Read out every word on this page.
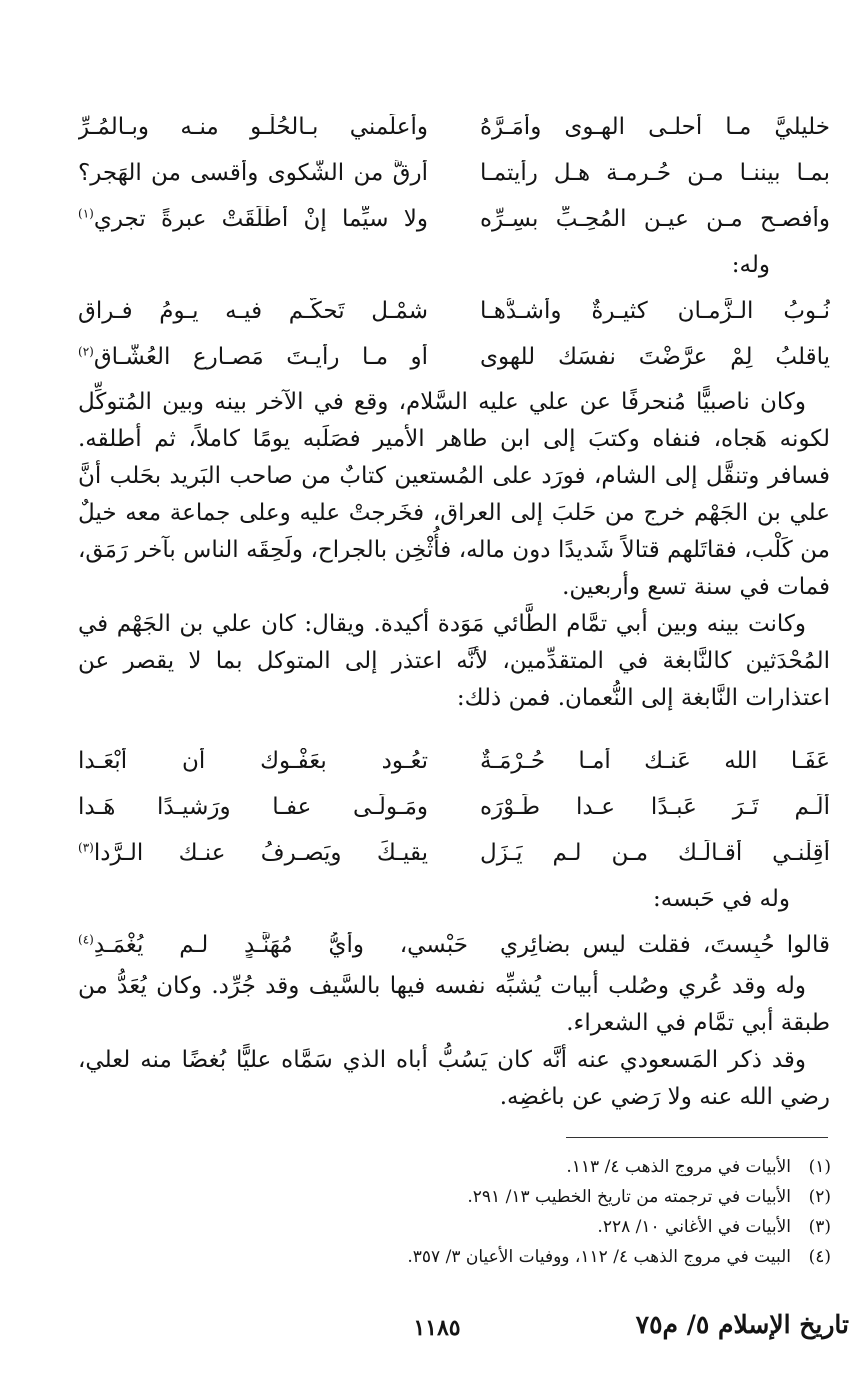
خليليَّ مـا أحلـى الهـوى وأمَـرَّهُ
وأعلَمني بـالحُلْـو منـه وبـالمُـرِّ
بمـا بيننـا مـن حُـرمـة هـل رأيتمـا
أرقَّ من الشَّكوى وأقسى من الهَجر؟
وأفصـح مـن عيـن المُحِـبِّ بسِـرِّه
ولا سيِّما إنْ أطْلَقَتْ عبرةً تجري$^{(١)}$
وله:
نُـوبُ الـزَّمـان كثيـرةٌ وأشـدُّهـا
شمْـل تَحكَّـم فيـه يـومُ فـراقِ
ياقلبُ لِمْ عرَّضْتَ نفسَك للهوى
أو مـا رأيـتَ مَصـارع العُشّـاقِ$^{(٢)}$

وكان ناصبيًّا مُنحرفًا عن علي عليه السَّلام، وقع في الآخر بينه وبين المُتوكِّل لكونه هَجاه، فنفاه وكتبَ إلى ابن طاهر الأمير فصَلَبه يومًا كاملاً، ثم أطلقه. فسافر وتنقَّل إلى الشام، فورَد على المُستعين كتابٌ من صاحب البَريد بحَلب أنَّ علي بن الجَهْم خرج من حَلبَ إلى العراق، فخَرجتْ عليه وعلى جماعة معه خيلٌ من كَلْب، فقاتَلهم قتالاً شَديدًا دون ماله، فأُثْخِن بالجراح، ولَحِقَه الناس بآخر رَمَق، فمات في سنة تسع وأربعين.

وكانت بينه وبين أبي تمَّام الطَّائي مَوَدة أكيدة. ويقال: كان علي بن الجَهْم في المُحْدَثين كالنَّابغة في المتقدِّمين، لأنَّه اعتذر إلى المتوكل بما لا يقصر عن اعتذارات النَّابغة إلى النُّعمان. فمن ذلك:

عَفَـا الله عَنـك أمـا حُـرْمَـةٌ
تعُـود بعَفْـوك أن أُبْعَـدا
ألَـم تَـرَ عَبـدًا عـدا طَـوْرَه
ومَـولَـى عفـا ورَشيـدًا هَـدا
أقِلْنـي أقـالَـك مـن لـم يَـزَل
يقيـكَ ويَصـرِفُ عنـك الـرَّدا$^{(٣)}$
وله في حَبسه:
قالوا حُبِستَ، فقلت ليس بضائِري
حَبْسي، وأيُّ مُهَنَّـدٍ لـم يُغْمَـدِ$^{(٤)}$

وله وقد عُري وصُلب أبيات يُشبِّه نفسه فيها بالسَّيف وقد جُرِّد. وكان يُعَدُّ من طبقة أبي تمَّام في الشعراء.

وقد ذكر المَسعودي عنه أنَّه كان يَسُبُّ أباه الذي سَمَّاه عليًّا بُغضًا منه لعلي، رضي الله عنه ولا رَضي عن باغضِه.

(١)الأبيات في مروج الذهب ٤/ ١١٣.
(٢)الأبيات في ترجمته من تاريخ الخطيب ١٣/ ٢٩١.
(٣)الأبيات في الأغاني ١٠/ ٢٢٨.
(٤)البيت في مروج الذهب ٤/ ١١٢، ووفيات الأعيان ٣/ ٣٥٧.
تاريخ الإسلام ٥/ م٧٥
١١٨٥
